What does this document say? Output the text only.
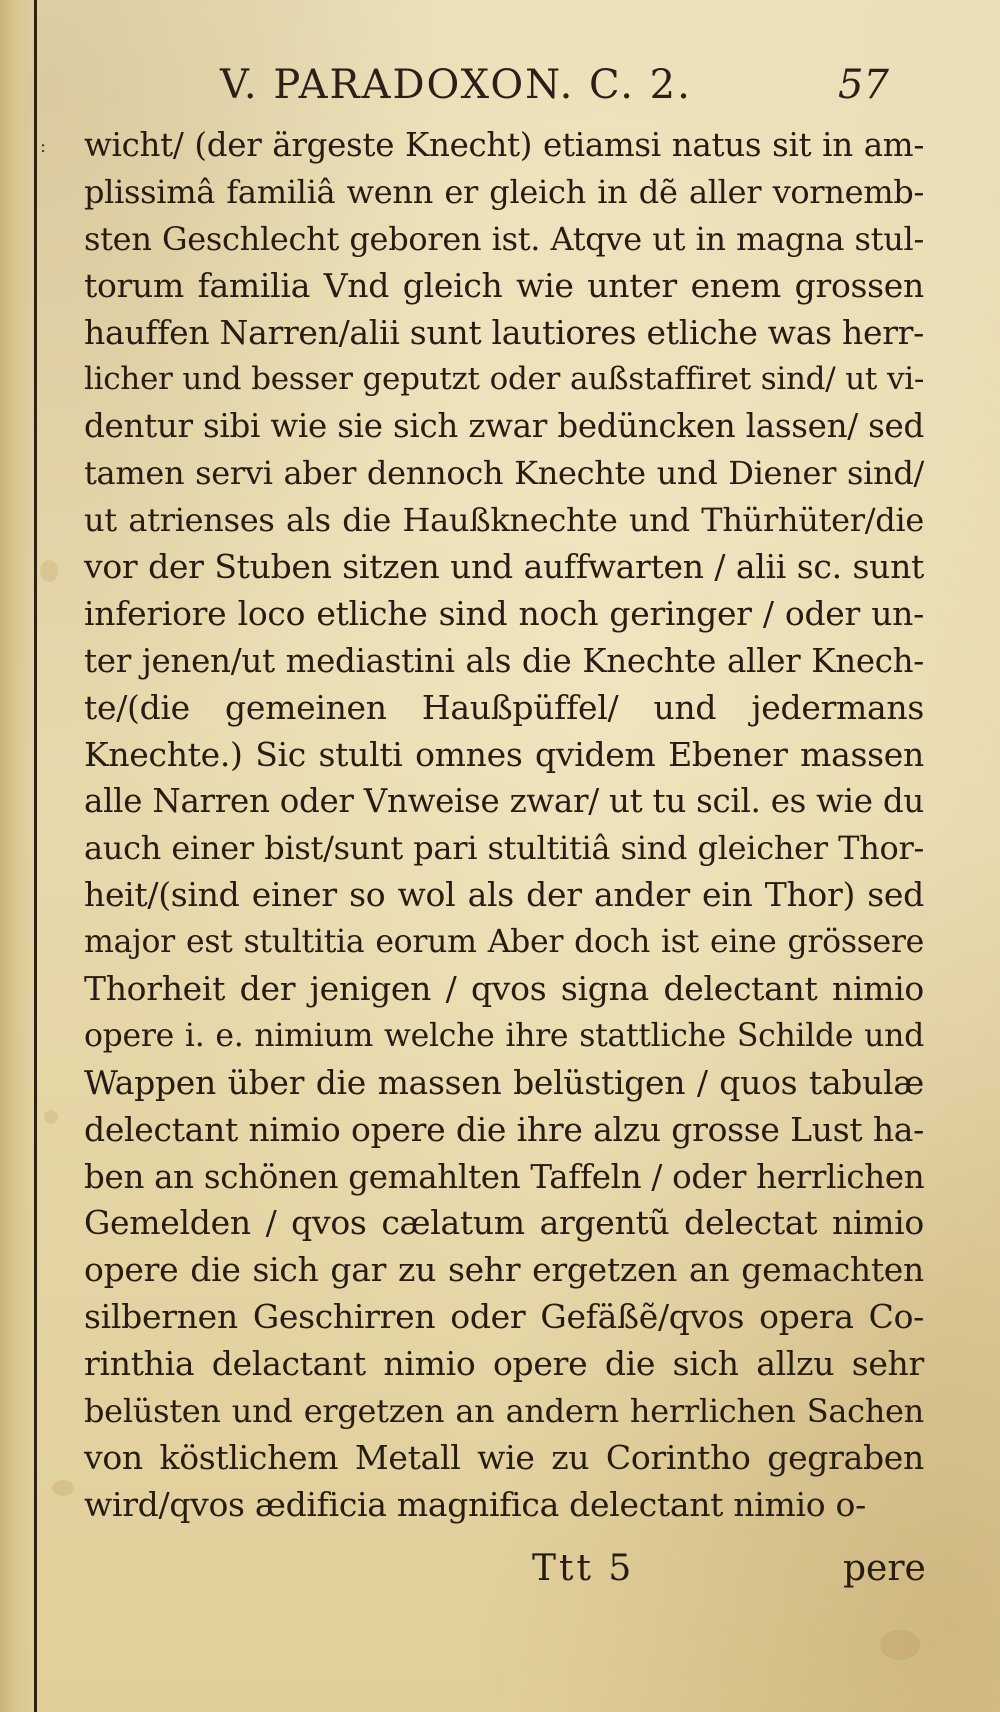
V. PARADOXON. C. 2.	57
: wicht/ (der ärgeste Knecht) etiamsi natus sit in am-
plissimâ familiâ wenn er gleich in dẽ aller vornemb-
sten Geschlecht geboren ist. Atqve ut in magna stul-
torum familia Vnd gleich wie unter enem grossen
hauffen Narren/alii sunt lautiores etliche was herr-
licher und besser geputzt oder außstaffiret sind/ ut vi-
dentur sibi wie sie sich zwar bedüncken lassen/ sed
tamen servi aber dennoch Knechte und Diener sind/
ut atrienses als die Haußknechte und Thürhüter/die
vor der Stuben sitzen und auffwarten / alii sc. sunt
inferiore loco etliche sind noch geringer / oder un-
ter jenen/ut mediastini als die Knechte aller Knech-
te/(die gemeinen Haußpüffel/ und jedermans
Knechte.) Sic stulti omnes qvidem Ebener massen
alle Narren oder Vnweise zwar/ ut tu scil. es wie du
auch einer bist/sunt pari stultitiâ sind gleicher Thor-
heit/(sind einer so wol als der ander ein Thor) sed
major est stultitia eorum Aber doch ist eine grössere
Thorheit der jenigen / qvos signa delectant nimio
opere i. e. nimium welche ihre stattliche Schilde und
Wappen über die massen belüstigen / quos tabulæ
delectant nimio opere die ihre alzu grosse Lust ha-
ben an schönen gemahlten Taffeln / oder herrlichen
Gemelden / qvos cælatum argentũ delectat nimio
opere die sich gar zu sehr ergetzen an gemachten
silbernen Geschirren oder Gefäßẽ/qvos opera Co-
rinthia delactant nimio opere die sich allzu sehr
belüsten und ergetzen an andern herrlichen Sachen
von köstlichem Metall wie zu Corintho gegraben
wird/qvos ædificia magnifica delectant nimio o-
Ttt 5	pere
